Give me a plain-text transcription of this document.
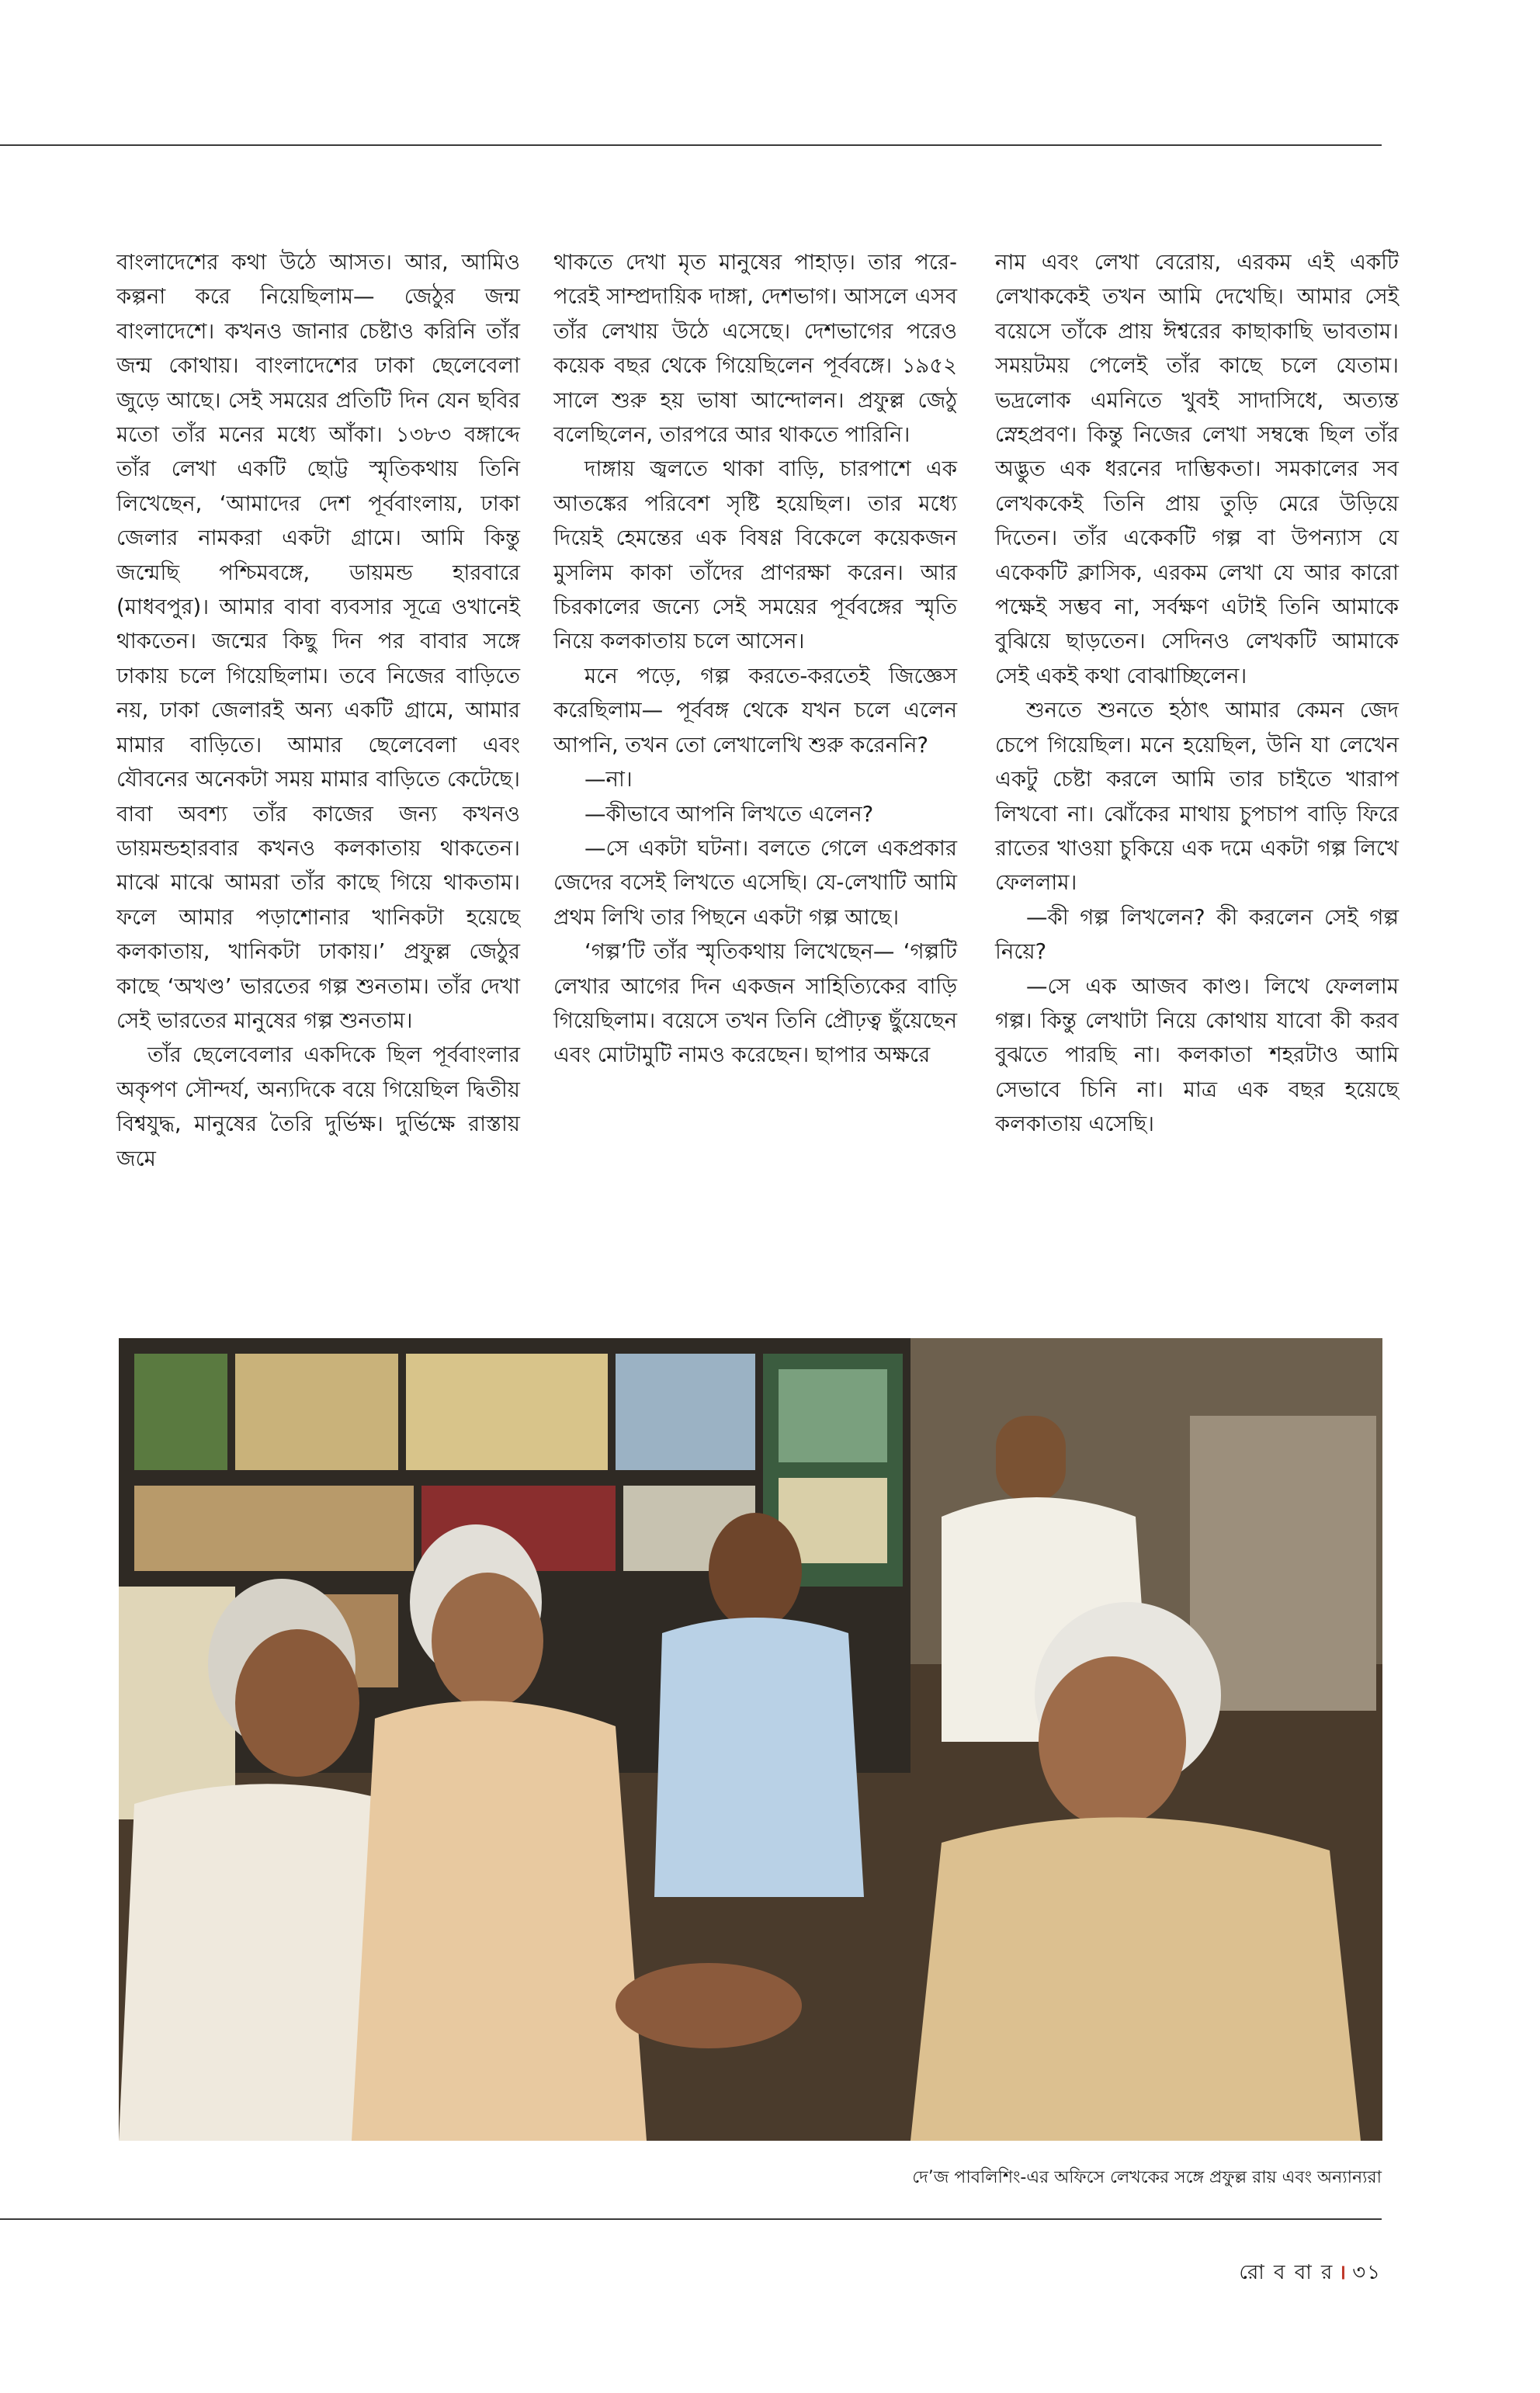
বাংলাদেশের কথা উঠে আসত। আর, আমিও কল্পনা করে নিয়েছিলাম— জেঠুর জন্ম বাংলাদেশে। কখনও জানার চেষ্টাও করিনি তাঁর জন্ম কোথায়। বাংলাদেশের ঢাকা ছেলেবেলা জুড়ে আছে। সেই সময়ের প্রতিটি দিন যেন ছবির মতো তাঁর মনের মধ্যে আঁকা। ১৩৮৩ বঙ্গাব্দে তাঁর লেখা একটি ছোট্ট স্মৃতিকথায় তিনি লিখেছেন, ‘আমাদের দেশ পূর্ববাংলায়, ঢাকা জেলার নামকরা একটা গ্রামে। আমি কিন্তু জন্মেছি পশ্চিমবঙ্গে, ডায়মন্ড হারবারে (মাধবপুর)। আমার বাবা ব্যবসার সূত্রে ওখানেই থাকতেন। জন্মের কিছু দিন পর বাবার সঙ্গে ঢাকায় চলে গিয়েছিলাম। তবে নিজের বাড়িতে নয়, ঢাকা জেলারই অন্য একটি গ্রামে, আমার মামার বাড়িতে। আমার ছেলেবেলা এবং যৌবনের অনেকটা সময় মামার বাড়িতে কেটেছে। বাবা অবশ্য তাঁর কাজের জন্য কখনও ডায়মন্ডহারবার কখনও কলকাতায় থাকতেন। মাঝে মাঝে আমরা তাঁর কাছে গিয়ে থাকতাম। ফলে আমার পড়াশোনার খানিকটা হয়েছে কলকাতায়, খানিকটা ঢাকায়।’ প্রফুল্ল জেঠুর কাছে ‘অখণ্ড’ ভারতের গল্প শুনতাম। তাঁর দেখা সেই ভারতের মানুষের গল্প শুনতাম।

তাঁর ছেলেবেলার একদিকে ছিল পূর্ববাংলার অকৃপণ সৌন্দর্য, অন্যদিকে বয়ে গিয়েছিল দ্বিতীয় বিশ্বযুদ্ধ, মানুষের তৈরি দুর্ভিক্ষ। দুর্ভিক্ষে রাস্তায় জমে

থাকতে দেখা মৃত মানুষের পাহাড়। তার পরে-পরেই সাম্প্রদায়িক দাঙ্গা, দেশভাগ। আসলে এসব তাঁর লেখায় উঠে এসেছে। দেশভাগের পরেও কয়েক বছর থেকে গিয়েছিলেন পূর্ববঙ্গে। ১৯৫২ সালে শুরু হয় ভাষা আন্দোলন। প্রফুল্ল জেঠু বলেছিলেন, তারপরে আর থাকতে পারিনি।

দাঙ্গায় জ্বলতে থাকা বাড়ি, চারপাশে এক আতঙ্কের পরিবেশ সৃষ্টি হয়েছিল। তার মধ্যে দিয়েই হেমন্তের এক বিষণ্ণ বিকেলে কয়েকজন মুসলিম কাকা তাঁদের প্রাণরক্ষা করেন। আর চিরকালের জন্যে সেই সময়ের পূর্ববঙ্গের স্মৃতি নিয়ে কলকাতায় চলে আসেন।

মনে পড়ে, গল্প করতে-করতেই জিজ্ঞেস করেছিলাম— পূর্ববঙ্গ থেকে যখন চলে এলেন আপনি, তখন তো লেখালেখি শুরু করেননি?

—না।

—কীভাবে আপনি লিখতে এলেন?

—সে একটা ঘটনা। বলতে গেলে একপ্রকার জেদের বসেই লিখতে এসেছি। যে-লেখাটি আমি প্রথম লিখি তার পিছনে একটা গল্প আছে।

‘গল্প’টি তাঁর স্মৃতিকথায় লিখেছেন— ‘গল্পটি লেখার আগের দিন একজন সাহিত্যিকের বাড়ি গিয়েছিলাম। বয়েসে তখন তিনি প্রৌঢ়ত্ব ছুঁয়েছেন এবং মোটামুটি নামও করেছেন। ছাপার অক্ষরে

নাম এবং লেখা বেরোয়, এরকম এই একটি লেখাককেই তখন আমি দেখেছি। আমার সেই বয়েসে তাঁকে প্রায় ঈশ্বরের কাছাকাছি ভাবতাম। সময়টময় পেলেই তাঁর কাছে চলে যেতাম। ভদ্রলোক এমনিতে খুবই সাদাসিধে, অত্যন্ত স্নেহপ্রবণ। কিন্তু নিজের লেখা সম্বন্ধে ছিল তাঁর অদ্ভুত এক ধরনের দাম্ভিকতা। সমকালের সব লেখককেই তিনি প্রায় তুড়ি মেরে উড়িয়ে দিতেন। তাঁর একেকটি গল্প বা উপন্যাস যে একেকটি ক্লাসিক, এরকম লেখা যে আর কারো পক্ষেই সম্ভব না, সর্বক্ষণ এটাই তিনি আমাকে বুঝিয়ে ছাড়তেন। সেদিনও লেখকটি আমাকে সেই একই কথা বোঝাচ্ছিলেন।

শুনতে শুনতে হঠাৎ আমার কেমন জেদ চেপে গিয়েছিল। মনে হয়েছিল, উনি যা লেখেন একটু চেষ্টা করলে আমি তার চাইতে খারাপ লিখবো না। ঝোঁকের মাথায় চুপচাপ বাড়ি ফিরে রাতের খাওয়া চুকিয়ে এক দমে একটা গল্প লিখে ফেললাম।

—কী গল্প লিখলেন? কী করলেন সেই গল্প নিয়ে?

—সে এক আজব কাণ্ড। লিখে ফেললাম গল্প। কিন্তু লেখাটা নিয়ে কোথায় যাবো কী করব বুঝতে পারছি না। কলকাতা শহরটাও আমি সেভাবে চিনি না। মাত্র এক বছর হয়েছে কলকাতায় এসেছি।

দে’জ পাবলিশিং-এর অফিসে লেখকের সঙ্গে প্রফুল্ল রায় এবং অন্যান্যরা
রো ব বা র । ৩১
